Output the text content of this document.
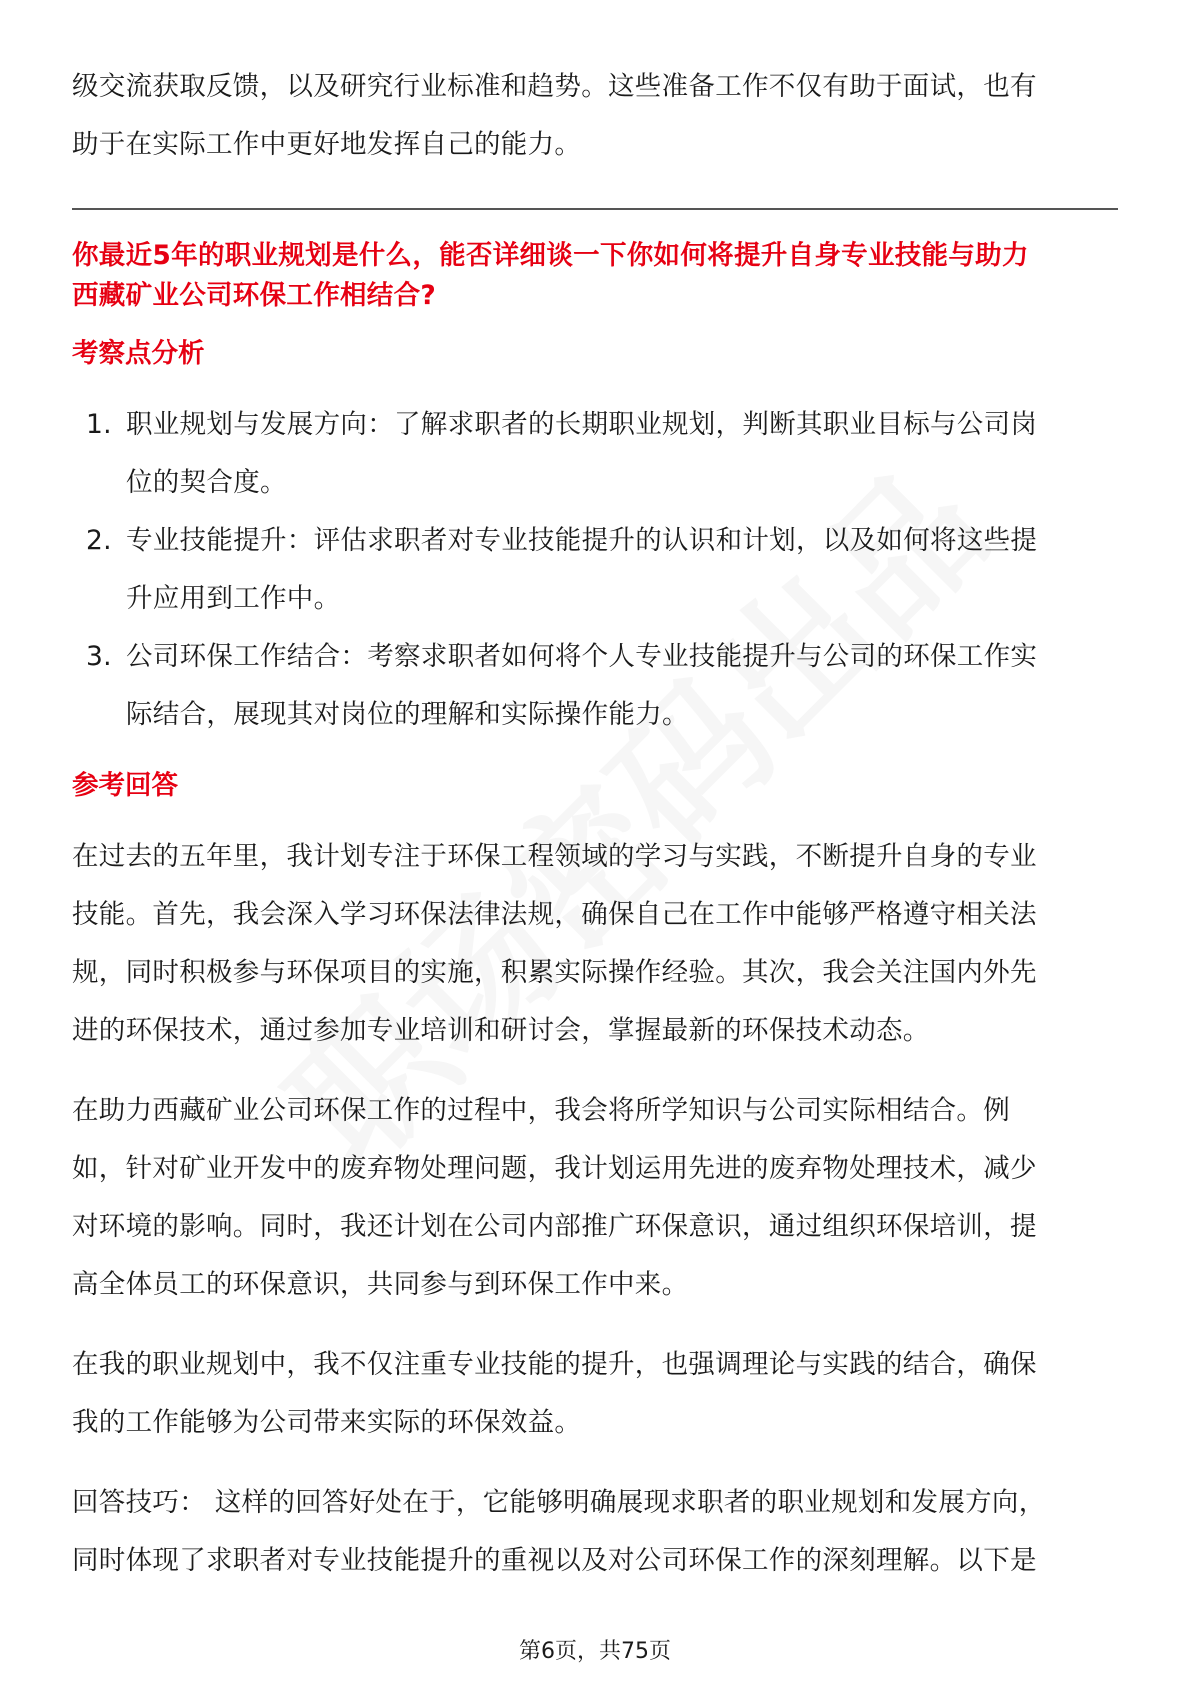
级交流获取反馈，以及研究行业标准和趋势。这些准备工作不仅有助于面试，也有
助于在实际工作中更好地发挥自己的能力。

你最近5年的职业规划是什么，能否详细谈一下你如何将提升自身专业技能与助力
西藏矿业公司环保工作相结合?

考察点分析

1. 职业规划与发展方向：了解求职者的长期职业规划，判断其职业目标与公司岗
位的契合度。
2. 专业技能提升：评估求职者对专业技能提升的认识和计划，以及如何将这些提
升应用到工作中。
3. 公司环保工作结合：考察求职者如何将个人专业技能提升与公司的环保工作实
际结合，展现其对岗位的理解和实际操作能力。

参考回答

在过去的五年里，我计划专注于环保工程领域的学习与实践，不断提升自身的专业
技能。首先，我会深入学习环保法律法规，确保自己在工作中能够严格遵守相关法
规，同时积极参与环保项目的实施，积累实际操作经验。其次，我会关注国内外先
进的环保技术，通过参加专业培训和研讨会，掌握最新的环保技术动态。

在助力西藏矿业公司环保工作的过程中，我会将所学知识与公司实际相结合。例
如，针对矿业开发中的废弃物处理问题，我计划运用先进的废弃物处理技术，减少
对环境的影响。同时，我还计划在公司内部推广环保意识，通过组织环保培训，提
高全体员工的环保意识，共同参与到环保工作中来。

在我的职业规划中，我不仅注重专业技能的提升，也强调理论与实践的结合，确保
我的工作能够为公司带来实际的环保效益。

回答技巧： 这样的回答好处在于，它能够明确展现求职者的职业规划和发展方向，
同时体现了求职者对专业技能提升的重视以及对公司环保工作的深刻理解。以下是

第6页，共75页
